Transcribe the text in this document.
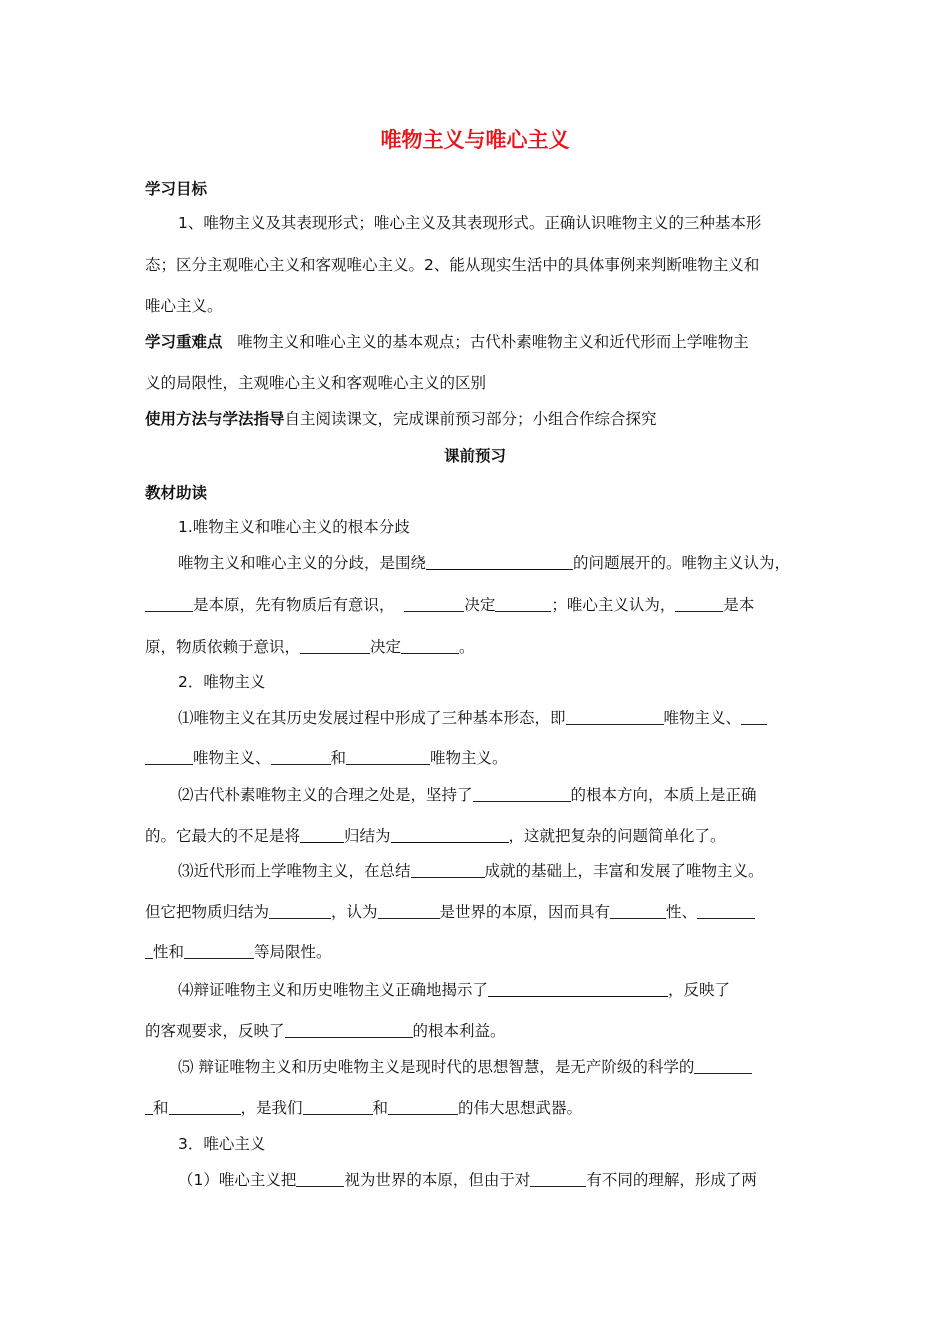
唯物主义与唯心主义
学习目标
1、唯物主义及其表现形式；唯心主义及其表现形式。正确认识唯物主义的三种基本形
态；区分主观唯心主义和客观唯心主义。2、能从现实生活中的具体事例来判断唯物主义和
唯心主义。
学习重难点 唯物主义和唯心主义的基本观点；古代朴素唯物主义和近代形而上学唯物主
义的局限性，主观唯心主义和客观唯心主义的区别
使用方法与学法指导自主阅读课文，完成课前预习部分；小组合作综合探究
课前预习
教材助读
1.唯物主义和唯心主义的根本分歧
唯物主义和唯心主义的分歧，是围绕	的问题展开的。唯物主义认为，
是本原，先有物质后有意识，	决定	；唯心主义认为，	是本
原，物质依赖于意识，	决定	。
2．唯物主义
⑴唯物主义在其历史发展过程中形成了三种基本形态，即	唯物主义、
唯物主义、	和	唯物主义。
⑵古代朴素唯物主义的合理之处是，坚持了	的根本方向，本质上是正确
的。它最大的不足是将	归结为	，这就把复杂的问题简单化了。
⑶近代形而上学唯物主义，在总结	成就的基础上，丰富和发展了唯物主义。
但它把物质归结为	，认为	是世界的本原，因而具有	性、
性和	等局限性。
⑷辩证唯物主义和历史唯物主义正确地揭示了	，反映了
的客观要求，反映了	的根本利益。
⑸ 辩证唯物主义和历史唯物主义是现时代的思想智慧，是无产阶级的科学的
和	，是我们	和	的伟大思想武器。
3．唯心主义
（1）唯心主义把	视为世界的本原，但由于对	有不同的理解，形成了两
